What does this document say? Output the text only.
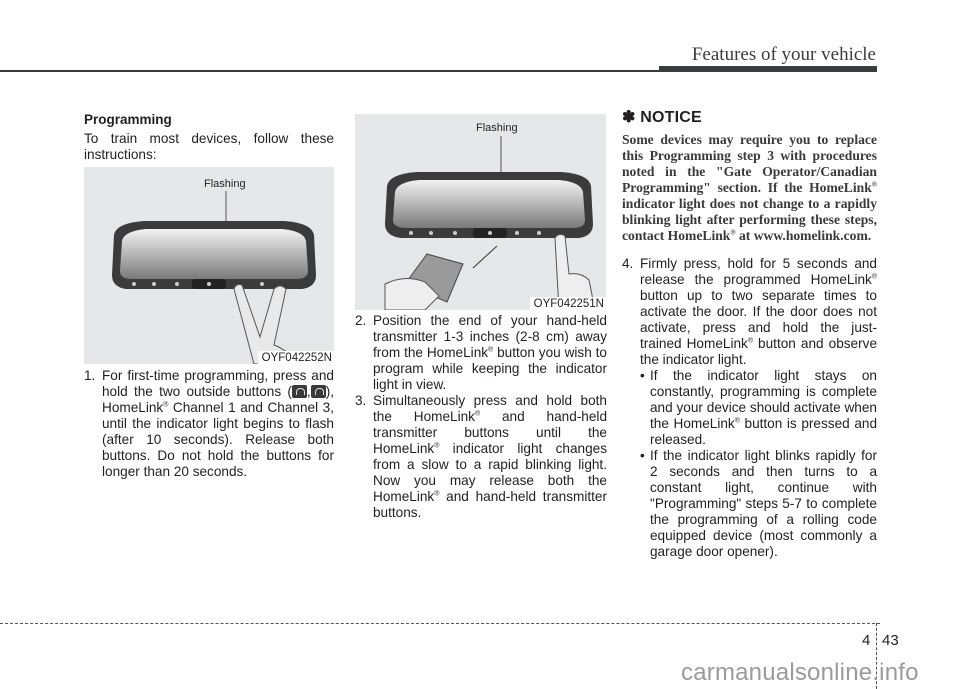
Features of your vehicle
Programming
To train most devices, follow these instructions:
Flashing
OYF042252N
1. For first-time programming, press and hold the two outside buttons ( , ), HomeLink® Channel 1 and Channel 3, until the indicator light begins to flash (after 10 seconds). Release both buttons. Do not hold the buttons for longer than 20 seconds.
Flashing
OYF042251N
2. Position the end of your hand-held transmitter 1-3 inches (2-8 cm) away from the HomeLink® button you wish to program while keeping the indicator light in view.
3. Simultaneously press and hold both the HomeLink® and hand-held transmitter buttons until the HomeLink® indicator light changes from a slow to a rapid blinking light. Now you may release both the HomeLink® and hand-held transmitter buttons.
✽ NOTICE
Some devices may require you to replace this Programming step 3 with procedures noted in the "Gate Operator/Canadian Programming" section. If the HomeLink® indicator light does not change to a rapidly blinking light after performing these steps, contact HomeLink® at www.homelink.com.
4. Firmly press, hold for 5 seconds and release the programmed HomeLink® button up to two separate times to activate the door. If the door does not activate, press and hold the just-trained HomeLink® button and observe the indicator light.
• If the indicator light stays on constantly, programming is complete and your device should activate when the HomeLink® button is pressed and released.
• If the indicator light blinks rapidly for 2 seconds and then turns to a constant light, continue with "Programming" steps 5-7 to complete the programming of a rolling code equipped device (most commonly a garage door opener).
4 43
carmanualsonline.info
